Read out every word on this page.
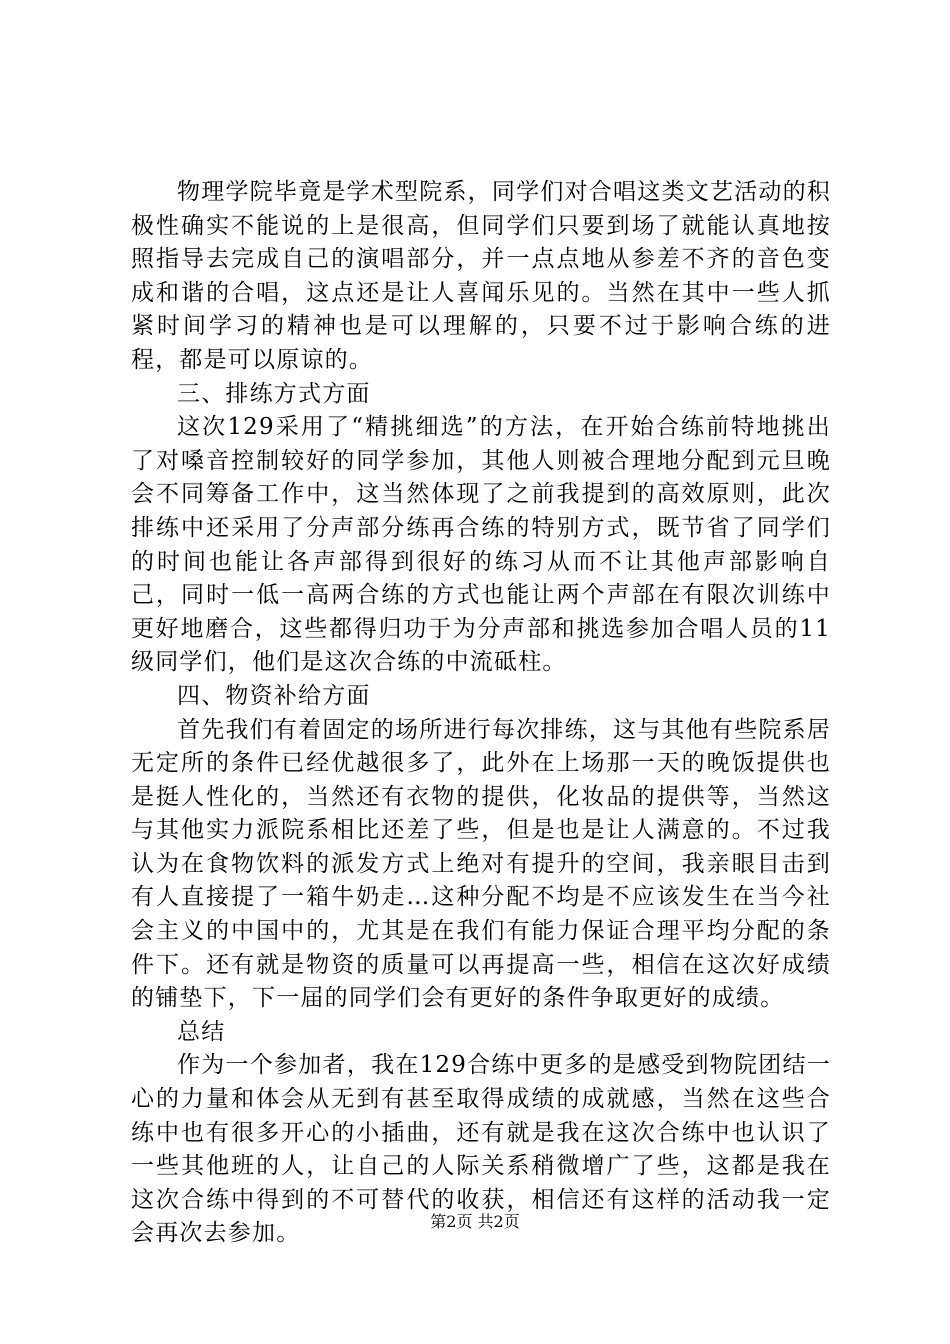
物理学院毕竟是学术型院系，同学们对合唱这类文艺活动的积极性确实不能说的上是很高，但同学们只要到场了就能认真地按照指导去完成自己的演唱部分，并一点点地从参差不齐的音色变成和谐的合唱，这点还是让人喜闻乐见的。当然在其中一些人抓紧时间学习的精神也是可以理解的，只要不过于影响合练的进程，都是可以原谅的。

三、排练方式方面

这次129采用了“精挑细选”的方法，在开始合练前特地挑出了对嗓音控制较好的同学参加，其他人则被合理地分配到元旦晚会不同筹备工作中，这当然体现了之前我提到的高效原则，此次排练中还采用了分声部分练再合练的特别方式，既节省了同学们的时间也能让各声部得到很好的练习从而不让其他声部影响自己，同时一低一高两合练的方式也能让两个声部在有限次训练中更好地磨合，这些都得归功于为分声部和挑选参加合唱人员的11级同学们，他们是这次合练的中流砥柱。

四、物资补给方面

首先我们有着固定的场所进行每次排练，这与其他有些院系居无定所的条件已经优越很多了，此外在上场那一天的晚饭提供也是挺人性化的，当然还有衣物的提供，化妆品的提供等，当然这与其他实力派院系相比还差了些，但是也是让人满意的。不过我认为在食物饮料的派发方式上绝对有提升的空间，我亲眼目击到有人直接提了一箱牛奶走…这种分配不均是不应该发生在当今社会主义的中国中的，尤其是在我们有能力保证合理平均分配的条件下。还有就是物资的质量可以再提高一些，相信在这次好成绩的铺垫下，下一届的同学们会有更好的条件争取更好的成绩。

总结

作为一个参加者，我在129合练中更多的是感受到物院团结一心的力量和体会从无到有甚至取得成绩的成就感，当然在这些合练中也有很多开心的小插曲，还有就是我在这次合练中也认识了一些其他班的人，让自己的人际关系稍微增广了些，这都是我在这次合练中得到的不可替代的收获，相信还有这样的活动我一定会再次去参加。	第2页 共2页
